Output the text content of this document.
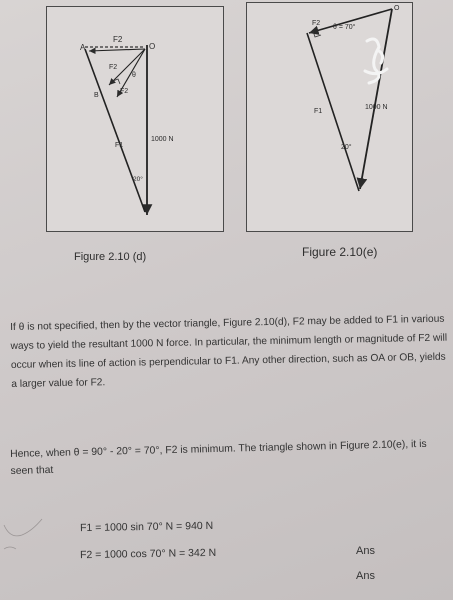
A
F2
O
F2
θ
B
F2
F1
1000 N
20°
Figure 2.10 (d)
F2
O
θ = 70°
F1
1000 N
20°
Figure 2.10(e)
If θ is not specified, then by the vector triangle, Figure 2.10(d), F2 may be added to F1 in various ways to yield the resultant 1000 N force. In particular, the minimum length or magnitude of F2 will occur when its line of action is perpendicular to F1. Any other direction, such as OA or OB, yields a larger value for F2.
Hence, when θ = 90° - 20° = 70°, F2 is minimum. The triangle shown in Figure 2.10(e), it is seen that
F1 = 1000 sin 70° N = 940 N
F2 = 1000 cos 70° N = 342 N	Ans
Ans
